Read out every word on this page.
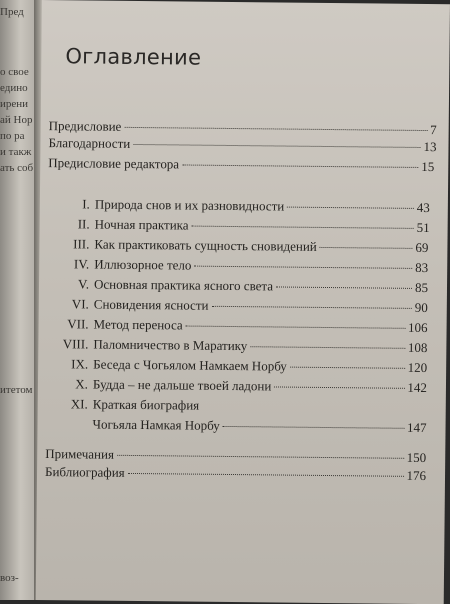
Пред
о свое
едино
ирени
ай Нор
по ра
и такж
ать соб
итетом
воз-
Оглавление
Предисловие	7
Благодарности	13
Предисловие редактора	15
I. Природа снов и их разновидности	43
II. Ночная практика	51
III. Как практиковать сущность сновидений	69
IV. Иллюзорное тело	83
V. Основная практика ясного света	85
VI. Сновидения ясности	90
VII. Метод переноса	106
VIII. Паломничество в Маратику	108
IX. Беседа с Чогьялом Намкаем Норбу	120
X. Будда – не дальше твоей ладони	142
XI. Краткая биография
Чогьяла Намкая Норбу	147
Примечания	150
Библиография	176
